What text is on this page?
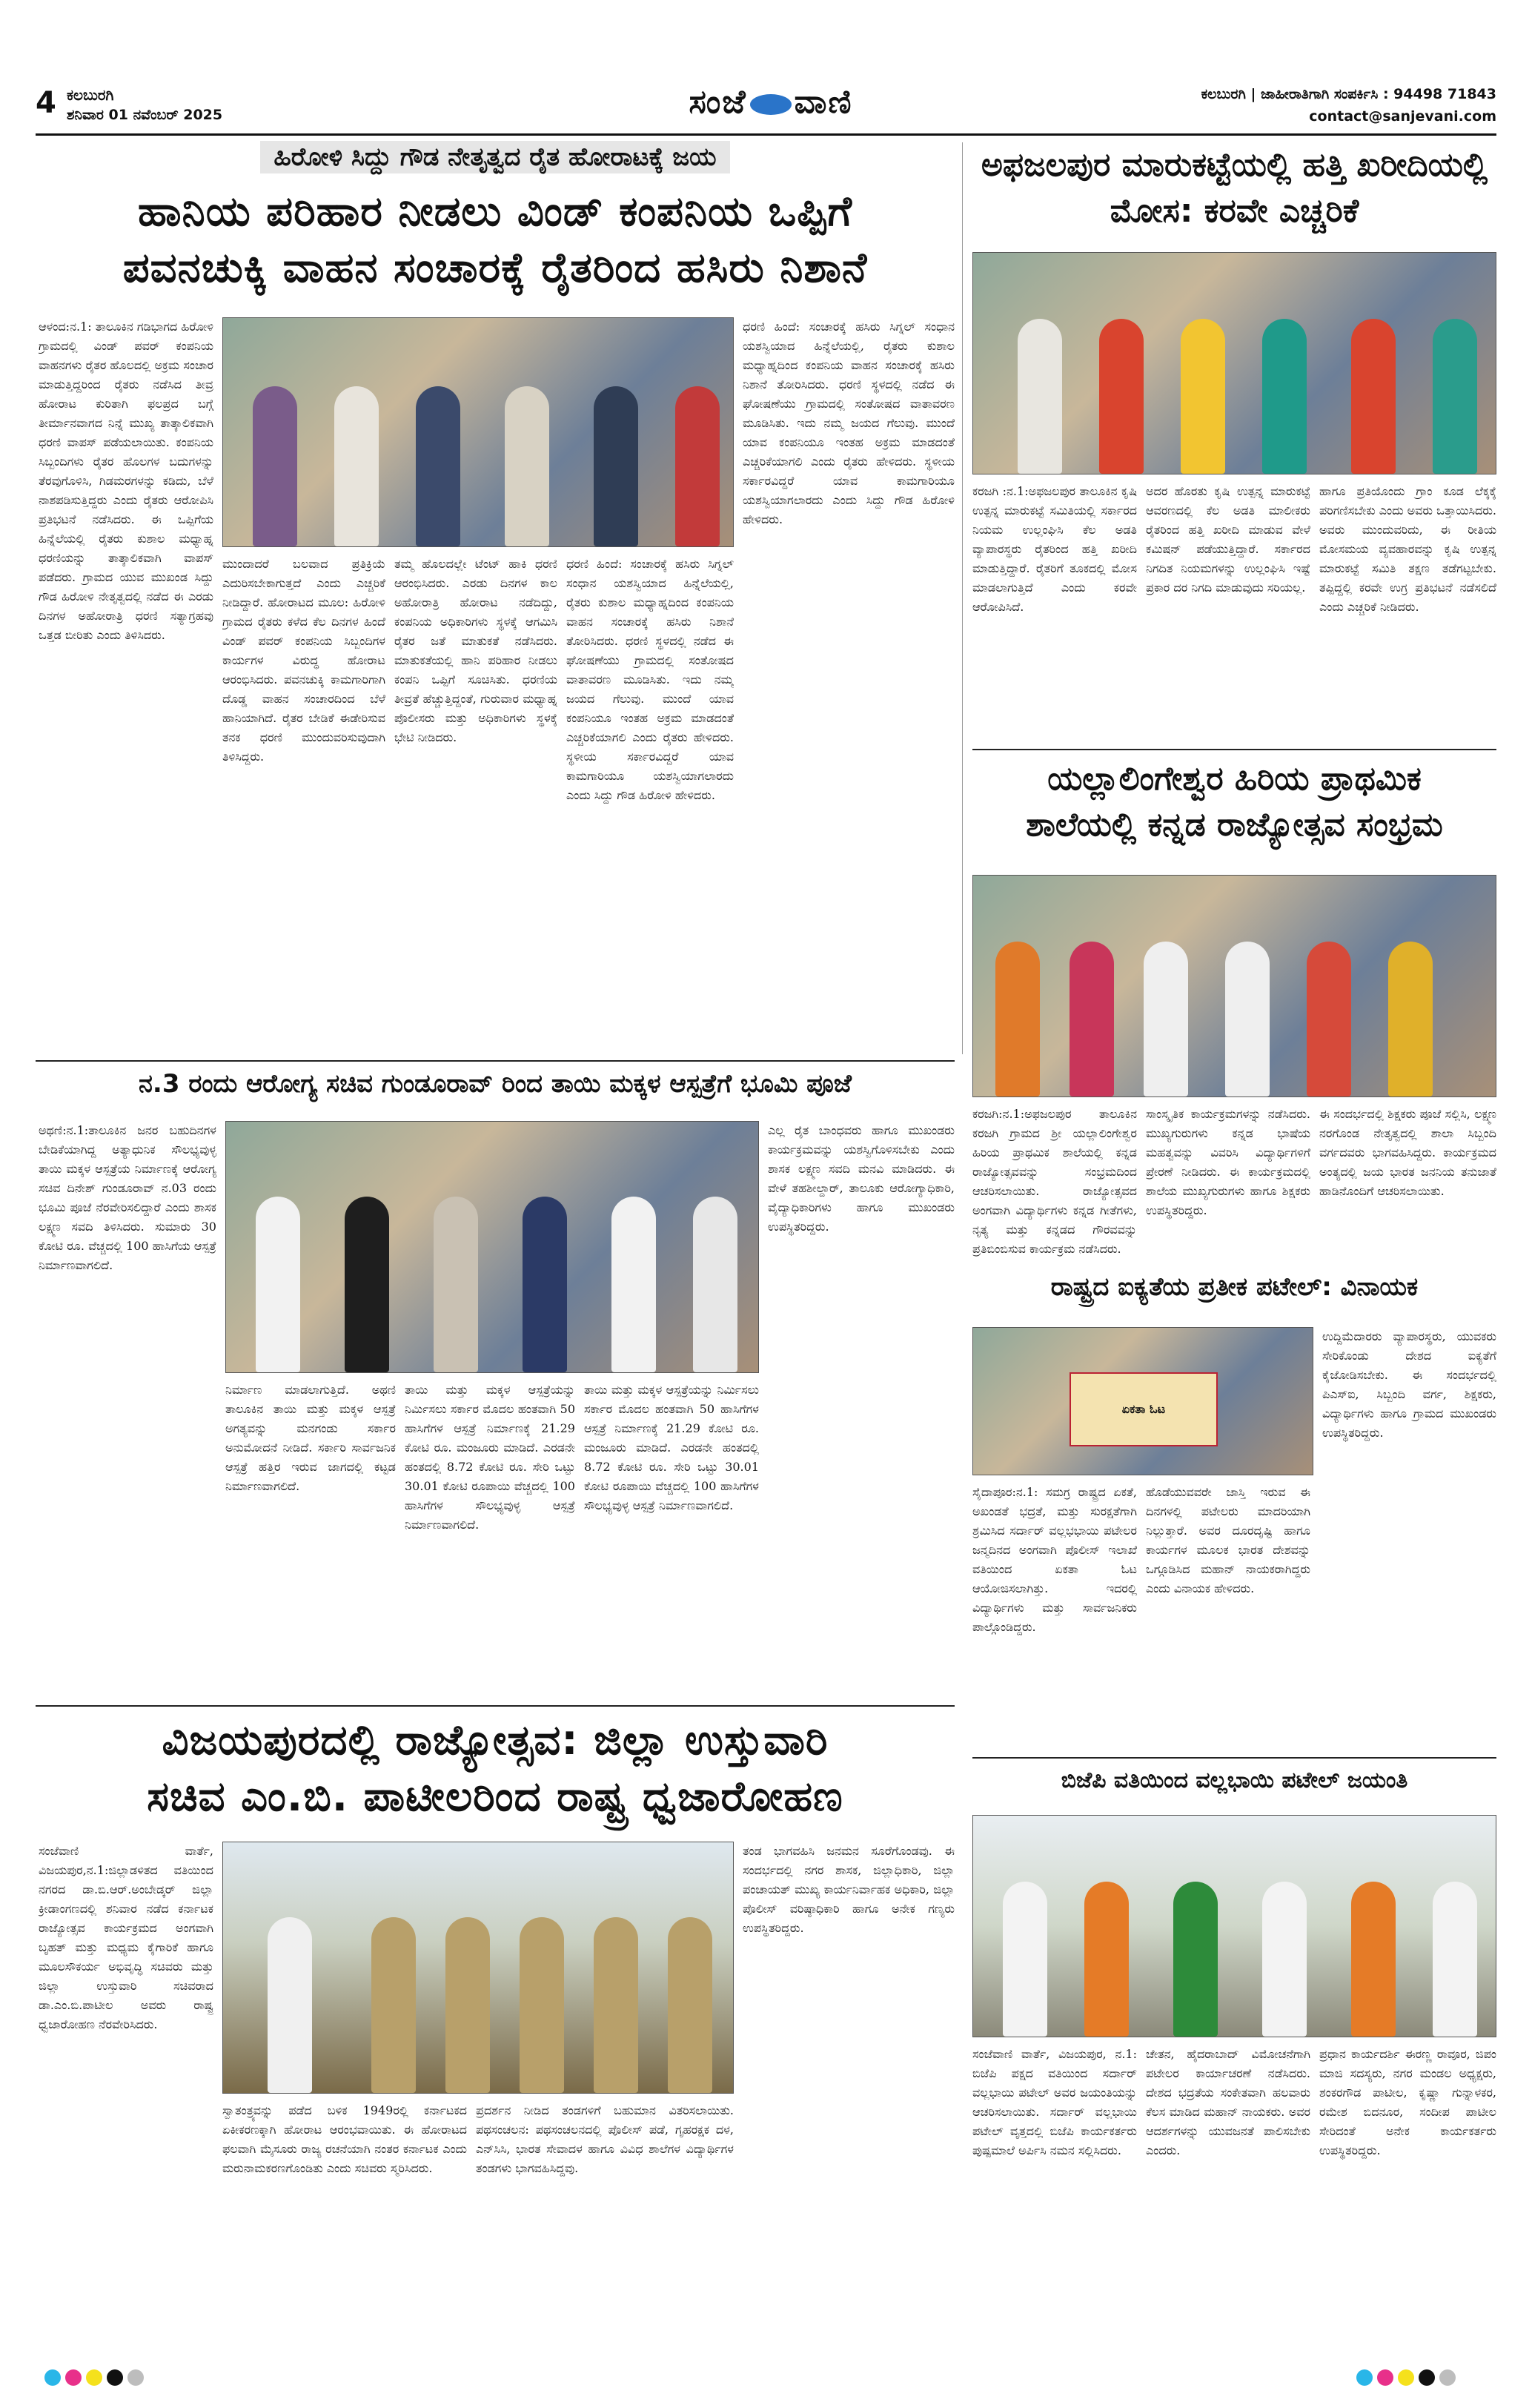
4 ಕಲಬುರಗಿ
ಶನಿವಾರ 01 ನವೆಂಬರ್ 2025	ಸಂಜೆ ವಾಣಿ	ಕಲಬುರಗಿ | ಜಾಹೀರಾತಿಗಾಗಿ ಸಂಪರ್ಕಿಸಿ : 94498 71843
contact@sanjevani.com
ಹಿರೋಳಿ ಸಿದ್ದು ಗೌಡ ನೇತೃತ್ವದ ರೈತ ಹೋರಾಟಕ್ಕೆ ಜಯ
ಹಾನಿಯ ಪರಿಹಾರ ನೀಡಲು ವಿಂಡ್ ಕಂಪನಿಯ ಒಪ್ಪಿಗೆ
ಪವನಚುಕ್ಕಿ ವಾಹನ ಸಂಚಾರಕ್ಕೆ ರೈತರಿಂದ ಹಸಿರು ನಿಶಾನೆ

ಆಳಂದ:ನ.1: ತಾಲೂಕಿನ ಗಡಿಭಾಗದ ಹಿರೋಳಿ ಗ್ರಾಮದಲ್ಲಿ ವಿಂಡ್ ಪವರ್ ಕಂಪನಿಯ ವಾಹನಗಳು ರೈತರ ಹೊಲದಲ್ಲಿ ಅಕ್ರಮ ಸಂಚಾರ ಮಾಡುತ್ತಿದ್ದರಿಂದ ರೈತರು ನಡೆಸಿದ ತೀವ್ರ ಹೋರಾಟ ಕುರಿತಾಗಿ ಫಲಪ್ರದ ಬಗ್ಗೆ ತೀರ್ಮಾನವಾಗದ ನಿನ್ನೆ ಮುಖ್ಯ ತಾತ್ಕಾಲಿಕವಾಗಿ ಧರಣಿ ವಾಪಸ್ ಪಡೆಯಲಾಯಿತು. ಕಂಪನಿಯ ಸಿಬ್ಬಂದಿಗಳು ರೈತರ ಹೊಲಗಳ ಬದುಗಳನ್ನು ತೆರವುಗೊಳಿಸಿ, ಗಿಡಮರಗಳನ್ನು ಕಡಿದು, ಬೆಳೆ ನಾಶಪಡಿಸುತ್ತಿದ್ದರು ಎಂದು ರೈತರು ಆರೋಪಿಸಿ ಪ್ರತಿಭಟನೆ ನಡೆಸಿದರು. ಈ ಒಪ್ಪಿಗೆಯ ಹಿನ್ನೆಲೆಯಲ್ಲಿ ರೈತರು ಕುಶಾಲ ಮಧ್ಯಾಹ್ನ ಧರಣಿಯನ್ನು ತಾತ್ಕಾಲಿಕವಾಗಿ ವಾಪಸ್ ಪಡೆದರು. ಗ್ರಾಮದ ಯುವ ಮುಖಂಡ ಸಿದ್ದು ಗೌಡ ಹಿರೋಳಿ ನೇತೃತ್ವದಲ್ಲಿ ನಡೆದ ಈ ಎರಡು ದಿನಗಳ ಅಹೋರಾತ್ರಿ ಧರಣಿ ಸತ್ಯಾಗ್ರಹವು ಒತ್ತಡ ಬೀರಿತು ಎಂದು ತಿಳಿಸಿದರು.

ಮುಂದಾದರೆ ಬಲವಾದ ಪ್ರತಿಕ್ರಿಯೆ ಎದುರಿಸಬೇಕಾಗುತ್ತದೆ ಎಂದು ಎಚ್ಚರಿಕೆ ನೀಡಿದ್ದಾರೆ. ಹೋರಾಟದ ಮೂಲ: ಹಿರೋಳಿ ಗ್ರಾಮದ ರೈತರು ಕಳೆದ ಕೆಲ ದಿನಗಳ ಹಿಂದೆ ವಿಂಡ್ ಪವರ್ ಕಂಪನಿಯ ಸಿಬ್ಬಂದಿಗಳ ಕಾರ್ಯಗಳ ವಿರುದ್ಧ ಹೋರಾಟ ಆರಂಭಿಸಿದರು. ಪವನಚುಕ್ಕಿ ಕಾಮಗಾರಿಗಾಗಿ ದೊಡ್ಡ ವಾಹನ ಸಂಚಾರದಿಂದ ಬೆಳೆ ಹಾನಿಯಾಗಿದೆ. ರೈತರ ಬೇಡಿಕೆ ಈಡೇರಿಸುವ ತನಕ ಧರಣಿ ಮುಂದುವರಿಸುವುದಾಗಿ ತಿಳಿಸಿದ್ದರು.

ತಮ್ಮ ಹೊಲದಲ್ಲೇ ಟೆಂಟ್ ಹಾಕಿ ಧರಣಿ ಆರಂಭಿಸಿದರು. ಎರಡು ದಿನಗಳ ಕಾಲ ಅಹೋರಾತ್ರಿ ಹೋರಾಟ ನಡೆದಿದ್ದು, ಕಂಪನಿಯ ಅಧಿಕಾರಿಗಳು ಸ್ಥಳಕ್ಕೆ ಆಗಮಿಸಿ ರೈತರ ಜತೆ ಮಾತುಕತೆ ನಡೆಸಿದರು. ಮಾತುಕತೆಯಲ್ಲಿ ಹಾನಿ ಪರಿಹಾರ ನೀಡಲು ಕಂಪನಿ ಒಪ್ಪಿಗೆ ಸೂಚಿಸಿತು. ಧರಣಿಯ ತೀವ್ರತೆ ಹೆಚ್ಚುತ್ತಿದ್ದಂತೆ, ಗುರುವಾರ ಮಧ್ಯಾಹ್ನ ಪೊಲೀಸರು ಮತ್ತು ಅಧಿಕಾರಿಗಳು ಸ್ಥಳಕ್ಕೆ ಭೇಟಿ ನೀಡಿದರು.

ಧರಣಿ ಹಿಂದೆ: ಸಂಚಾರಕ್ಕೆ ಹಸಿರು ಸಿಗ್ನಲ್ ಸಂಧಾನ ಯಶಸ್ವಿಯಾದ ಹಿನ್ನೆಲೆಯಲ್ಲಿ, ರೈತರು ಕುಶಾಲ ಮಧ್ಯಾಹ್ನದಿಂದ ಕಂಪನಿಯ ವಾಹನ ಸಂಚಾರಕ್ಕೆ ಹಸಿರು ನಿಶಾನೆ ತೋರಿಸಿದರು. ಧರಣಿ ಸ್ಥಳದಲ್ಲಿ ನಡೆದ ಈ ಘೋಷಣೆಯು ಗ್ರಾಮದಲ್ಲಿ ಸಂತೋಷದ ವಾತಾವರಣ ಮೂಡಿಸಿತು. ಇದು ನಮ್ಮ ಜಯದ ಗೆಲುವು. ಮುಂದೆ ಯಾವ ಕಂಪನಿಯೂ ಇಂತಹ ಅಕ್ರಮ ಮಾಡದಂತೆ ಎಚ್ಚರಿಕೆಯಾಗಲಿ ಎಂದು ರೈತರು ಹೇಳಿದರು. ಸ್ಥಳೀಯ ಸರ್ಕಾರವಿದ್ದರೆ ಯಾವ ಕಾಮಗಾರಿಯೂ ಯಶಸ್ವಿಯಾಗಲಾರದು ಎಂದು ಸಿದ್ದು ಗೌಡ ಹಿರೋಳಿ ಹೇಳಿದರು.

ಧರಣಿ ಹಿಂದೆ: ಸಂಚಾರಕ್ಕೆ ಹಸಿರು ಸಿಗ್ನಲ್ ಸಂಧಾನ ಯಶಸ್ವಿಯಾದ ಹಿನ್ನೆಲೆಯಲ್ಲಿ, ರೈತರು ಕುಶಾಲ ಮಧ್ಯಾಹ್ನದಿಂದ ಕಂಪನಿಯ ವಾಹನ ಸಂಚಾರಕ್ಕೆ ಹಸಿರು ನಿಶಾನೆ ತೋರಿಸಿದರು. ಧರಣಿ ಸ್ಥಳದಲ್ಲಿ ನಡೆದ ಈ ಘೋಷಣೆಯು ಗ್ರಾಮದಲ್ಲಿ ಸಂತೋಷದ ವಾತಾವರಣ ಮೂಡಿಸಿತು. ಇದು ನಮ್ಮ ಜಯದ ಗೆಲುವು. ಮುಂದೆ ಯಾವ ಕಂಪನಿಯೂ ಇಂತಹ ಅಕ್ರಮ ಮಾಡದಂತೆ ಎಚ್ಚರಿಕೆಯಾಗಲಿ ಎಂದು ರೈತರು ಹೇಳಿದರು. ಸ್ಥಳೀಯ ಸರ್ಕಾರವಿದ್ದರೆ ಯಾವ ಕಾಮಗಾರಿಯೂ ಯಶಸ್ವಿಯಾಗಲಾರದು ಎಂದು ಸಿದ್ದು ಗೌಡ ಹಿರೋಳಿ ಹೇಳಿದರು.

ಅಫಜಲಪುರ ಮಾರುಕಟ್ಟೆಯಲ್ಲಿ ಹತ್ತಿ ಖರೀದಿಯಲ್ಲಿ ಮೋಸ: ಕರವೇ ಎಚ್ಚರಿಕೆ

ಕರಜಗಿ :ನ.1:ಅಫಜಲಪುರ ತಾಲೂಕಿನ ಕೃಷಿ ಉತ್ಪನ್ನ ಮಾರುಕಟ್ಟೆ ಸಮಿತಿಯಲ್ಲಿ ಸರ್ಕಾರದ ನಿಯಮ ಉಲ್ಲಂಘಿಸಿ ಕೆಲ ಅಡತಿ ವ್ಯಾಪಾರಸ್ಥರು ರೈತರಿಂದ ಹತ್ತಿ ಖರೀದಿ ಮಾಡುತ್ತಿದ್ದಾರೆ. ರೈತರಿಗೆ ತೂಕದಲ್ಲಿ ಮೋಸ ಮಾಡಲಾಗುತ್ತಿದೆ ಎಂದು ಕರವೇ ಆರೋಪಿಸಿದೆ.

ಅದರ ಹೊರತು ಕೃಷಿ ಉತ್ಪನ್ನ ಮಾರುಕಟ್ಟೆ ಆವರಣದಲ್ಲಿ ಕೆಲ ಅಡತಿ ಮಾಲೀಕರು ರೈತರಿಂದ ಹತ್ತಿ ಖರೀದಿ ಮಾಡುವ ವೇಳೆ ಕಮಿಷನ್ ಪಡೆಯುತ್ತಿದ್ದಾರೆ. ಸರ್ಕಾರದ ನಿಗದಿತ ನಿಯಮಗಳನ್ನು ಉಲ್ಲಂಘಿಸಿ ಇಷ್ಟೆ ಪ್ರಕಾರ ದರ ನಿಗದಿ ಮಾಡುವುದು ಸರಿಯಲ್ಲ.

ಹಾಗೂ ಪ್ರತಿಯೊಂದು ಗ್ರಾಂ ಕೂಡ ಲೆಕ್ಕಕ್ಕೆ ಪರಿಗಣಿಸಬೇಕು ಎಂದು ಅವರು ಒತ್ತಾಯಿಸಿದರು. ಅವರು ಮುಂದುವರಿದು, ಈ ರೀತಿಯ ಮೋಸಮಯ ವ್ಯವಹಾರವನ್ನು ಕೃಷಿ ಉತ್ಪನ್ನ ಮಾರುಕಟ್ಟೆ ಸಮಿತಿ ತಕ್ಷಣ ತಡೆಗಟ್ಟಬೇಕು. ತಪ್ಪಿದ್ದಲ್ಲಿ ಕರವೇ ಉಗ್ರ ಪ್ರತಿಭಟನೆ ನಡೆಸಲಿದೆ ಎಂದು ಎಚ್ಚರಿಕೆ ನೀಡಿದರು.

ಯಲ್ಲಾಲಿಂಗೇಶ್ವರ ಹಿರಿಯ ಪ್ರಾಥಮಿಕ
ಶಾಲೆಯಲ್ಲಿ ಕನ್ನಡ ರಾಜ್ಯೋತ್ಸವ ಸಂಭ್ರಮ

ಕರಜಗಿ:ನ.1:ಅಫಜಲಪುರ ತಾಲೂಕಿನ ಕರಜಗಿ ಗ್ರಾಮದ ಶ್ರೀ ಯಲ್ಲಾಲಿಂಗೇಶ್ವರ ಹಿರಿಯ ಪ್ರಾಥಮಿಕ ಶಾಲೆಯಲ್ಲಿ ಕನ್ನಡ ರಾಜ್ಯೋತ್ಸವವನ್ನು ಸಂಭ್ರಮದಿಂದ ಆಚರಿಸಲಾಯಿತು. ರಾಜ್ಯೋತ್ಸವದ ಅಂಗವಾಗಿ ವಿದ್ಯಾರ್ಥಿಗಳು ಕನ್ನಡ ಗೀತೆಗಳು, ನೃತ್ಯ ಮತ್ತು ಕನ್ನಡದ ಗೌರವವನ್ನು ಪ್ರತಿಬಿಂಬಿಸುವ ಕಾರ್ಯಕ್ರಮ ನಡೆಸಿದರು.

ಸಾಂಸ್ಕೃತಿಕ ಕಾರ್ಯಕ್ರಮಗಳನ್ನು ನಡೆಸಿದರು. ಮುಖ್ಯಗುರುಗಳು ಕನ್ನಡ ಭಾಷೆಯ ಮಹತ್ವವನ್ನು ವಿವರಿಸಿ ವಿದ್ಯಾರ್ಥಿಗಳಿಗೆ ಪ್ರೇರಣೆ ನೀಡಿದರು. ಈ ಕಾರ್ಯಕ್ರಮದಲ್ಲಿ ಶಾಲೆಯ ಮುಖ್ಯಗುರುಗಳು ಹಾಗೂ ಶಿಕ್ಷಕರು ಉಪಸ್ಥಿತರಿದ್ದರು.

ಈ ಸಂದರ್ಭದಲ್ಲಿ ಶಿಕ್ಷಕರು ಪೂಜೆ ಸಲ್ಲಿಸಿ, ಲಕ್ಷ್ಮಣ ನರಗೊಂಡ ನೇತೃತ್ವದಲ್ಲಿ ಶಾಲಾ ಸಿಬ್ಬಂದಿ ವರ್ಗದವರು ಭಾಗವಹಿಸಿದ್ದರು. ಕಾರ್ಯಕ್ರಮದ ಅಂತ್ಯದಲ್ಲಿ ಜಯ ಭಾರತ ಜನನಿಯ ತನುಜಾತೆ ಹಾಡಿನೊಂದಿಗೆ ಆಚರಿಸಲಾಯಿತು.

ರಾಷ್ಟ್ರದ ಐಕ್ಯತೆಯ ಪ್ರತೀಕ ಪಟೇಲ್: ವಿನಾಯಕ
ಏಕತಾ ಓಟ

ಸೈದಾಪೂರ:ನ.1: ಸಮಗ್ರ ರಾಷ್ಟ್ರದ ಏಕತೆ, ಅಖಂಡತೆ ಭದ್ರತೆ, ಮತ್ತು ಸುರಕ್ಷತೆಗಾಗಿ ಶ್ರಮಿಸಿದ ಸರ್ದಾರ್ ವಲ್ಲಭಭಾಯಿ ಪಟೇಲರ ಜನ್ಮದಿನದ ಅಂಗವಾಗಿ ಪೊಲೀಸ್ ಇಲಾಖೆ ವತಿಯಿಂದ ಏಕತಾ ಓಟ ಆಯೋಜಿಸಲಾಗಿತ್ತು. ಇದರಲ್ಲಿ ವಿದ್ಯಾರ್ಥಿಗಳು ಮತ್ತು ಸಾರ್ವಜನಿಕರು ಪಾಲ್ಗೊಂಡಿದ್ದರು.

ಹೊಡೆಯುವವರೇ ಜಾಸ್ತಿ ಇರುವ ಈ ದಿನಗಳಲ್ಲಿ ಪಟೇಲರು ಮಾದರಿಯಾಗಿ ನಿಲ್ಲುತ್ತಾರೆ. ಅವರ ದೂರದೃಷ್ಟಿ ಹಾಗೂ ಕಾರ್ಯಗಳ ಮೂಲಕ ಭಾರತ ದೇಶವನ್ನು ಒಗ್ಗೂಡಿಸಿದ ಮಹಾನ್ ನಾಯಕರಾಗಿದ್ದರು ಎಂದು ವಿನಾಯಕ ಹೇಳಿದರು.

ಉದ್ದಿಮೆದಾರರು ವ್ಯಾಪಾರಸ್ಥರು, ಯುವಕರು ಸೇರಿಕೊಂಡು ದೇಶದ ಐಕ್ಯತೆಗೆ ಕೈಜೋಡಿಸಬೇಕು. ಈ ಸಂದರ್ಭದಲ್ಲಿ ಪಿಎಸ್‌ಐ, ಸಿಬ್ಬಂದಿ ವರ್ಗ, ಶಿಕ್ಷಕರು, ವಿದ್ಯಾರ್ಥಿಗಳು ಹಾಗೂ ಗ್ರಾಮದ ಮುಖಂಡರು ಉಪಸ್ಥಿತರಿದ್ದರು.

ನ.3 ರಂದು ಆರೋಗ್ಯ ಸಚಿವ ಗುಂಡೂರಾವ್ ರಿಂದ ತಾಯಿ ಮಕ್ಕಳ ಆಸ್ಪತ್ರೆಗೆ ಭೂಮಿ ಪೂಜೆ

ಅಥಣಿ:ನ.1:ತಾಲೂಕಿನ ಜನರ ಬಹುದಿನಗಳ ಬೇಡಿಕೆಯಾಗಿದ್ದ ಅತ್ಯಾಧುನಿಕ ಸೌಲಭ್ಯವುಳ್ಳ ತಾಯಿ ಮಕ್ಕಳ ಆಸ್ಪತ್ರೆಯ ನಿರ್ಮಾಣಕ್ಕೆ ಆರೋಗ್ಯ ಸಚಿವ ದಿನೇಶ್ ಗುಂಡೂರಾವ್ ನ.03 ರಂದು ಭೂಮಿ ಪೂಜೆ ನೆರವೇರಿಸಲಿದ್ದಾರೆ ಎಂದು ಶಾಸಕ ಲಕ್ಷ್ಮಣ ಸವದಿ ತಿಳಿಸಿದರು. ಸುಮಾರು 30 ಕೋಟಿ ರೂ. ವೆಚ್ಚದಲ್ಲಿ 100 ಹಾಸಿಗೆಯ ಆಸ್ಪತ್ರೆ ನಿರ್ಮಾಣವಾಗಲಿದೆ.

ನಿರ್ಮಾಣ ಮಾಡಲಾಗುತ್ತಿದೆ. ಅಥಣಿ ತಾಲೂಕಿನ ತಾಯಿ ಮತ್ತು ಮಕ್ಕಳ ಆಸ್ಪತ್ರೆ ಅಗತ್ಯವನ್ನು ಮನಗಂಡು ಸರ್ಕಾರ ಅನುಮೋದನೆ ನೀಡಿದೆ. ಸರ್ಕಾರಿ ಸಾರ್ವಜನಿಕ ಆಸ್ಪತ್ರೆ ಹತ್ತಿರ ಇರುವ ಜಾಗದಲ್ಲಿ ಕಟ್ಟಡ ನಿರ್ಮಾಣವಾಗಲಿದೆ.

ತಾಯಿ ಮತ್ತು ಮಕ್ಕಳ ಆಸ್ಪತ್ರೆಯನ್ನು ನಿರ್ಮಿಸಲು ಸರ್ಕಾರ ಮೊದಲ ಹಂತವಾಗಿ 50 ಹಾಸಿಗೆಗಳ ಆಸ್ಪತ್ರೆ ನಿರ್ಮಾಣಕ್ಕೆ 21.29 ಕೋಟಿ ರೂ. ಮಂಜೂರು ಮಾಡಿದೆ. ಎರಡನೇ ಹಂತದಲ್ಲಿ 8.72 ಕೋಟಿ ರೂ. ಸೇರಿ ಒಟ್ಟು 30.01 ಕೋಟಿ ರೂಪಾಯಿ ವೆಚ್ಚದಲ್ಲಿ 100 ಹಾಸಿಗೆಗಳ ಸೌಲಭ್ಯವುಳ್ಳ ಆಸ್ಪತ್ರೆ ನಿರ್ಮಾಣವಾಗಲಿದೆ.

ತಾಯಿ ಮತ್ತು ಮಕ್ಕಳ ಆಸ್ಪತ್ರೆಯನ್ನು ನಿರ್ಮಿಸಲು ಸರ್ಕಾರ ಮೊದಲ ಹಂತವಾಗಿ 50 ಹಾಸಿಗೆಗಳ ಆಸ್ಪತ್ರೆ ನಿರ್ಮಾಣಕ್ಕೆ 21.29 ಕೋಟಿ ರೂ. ಮಂಜೂರು ಮಾಡಿದೆ. ಎರಡನೇ ಹಂತದಲ್ಲಿ 8.72 ಕೋಟಿ ರೂ. ಸೇರಿ ಒಟ್ಟು 30.01 ಕೋಟಿ ರೂಪಾಯಿ ವೆಚ್ಚದಲ್ಲಿ 100 ಹಾಸಿಗೆಗಳ ಸೌಲಭ್ಯವುಳ್ಳ ಆಸ್ಪತ್ರೆ ನಿರ್ಮಾಣವಾಗಲಿದೆ.

ಎಲ್ಲ ರೈತ ಬಾಂಧವರು ಹಾಗೂ ಮುಖಂಡರು ಕಾರ್ಯಕ್ರಮವನ್ನು ಯಶಸ್ವಿಗೊಳಿಸಬೇಕು ಎಂದು ಶಾಸಕ ಲಕ್ಷ್ಮಣ ಸವದಿ ಮನವಿ ಮಾಡಿದರು. ಈ ವೇಳೆ ತಹಶೀಲ್ದಾರ್, ತಾಲೂಕು ಆರೋಗ್ಯಾಧಿಕಾರಿ, ವೈದ್ಯಾಧಿಕಾರಿಗಳು ಹಾಗೂ ಮುಖಂಡರು ಉಪಸ್ಥಿತರಿದ್ದರು.

ವಿಜಯಪುರದಲ್ಲಿ ರಾಜ್ಯೋತ್ಸವ: ಜಿಲ್ಲಾ ಉಸ್ತುವಾರಿ
ಸಚಿವ ಎಂ.ಬಿ. ಪಾಟೀಲರಿಂದ ರಾಷ್ಟ್ರ ಧ್ವಜಾರೋಹಣ

ಸಂಜೆವಾಣಿ ವಾರ್ತೆ, ವಿಜಯಪುರ,ನ.1:ಜಿಲ್ಲಾಡಳಿತದ ವತಿಯಿಂದ ನಗರದ ಡಾ.ಬಿ.ಆರ್.ಅಂಬೇಡ್ಕರ್ ಜಿಲ್ಲಾ ಕ್ರೀಡಾಂಗಣದಲ್ಲಿ ಶನಿವಾರ ನಡೆದ ಕರ್ನಾಟಕ ರಾಜ್ಯೋತ್ಸವ ಕಾರ್ಯಕ್ರಮದ ಅಂಗವಾಗಿ ಬೃಹತ್ ಮತ್ತು ಮಧ್ಯಮ ಕೈಗಾರಿಕೆ ಹಾಗೂ ಮೂಲಸೌಕರ್ಯ ಅಭಿವೃದ್ಧಿ ಸಚಿವರು ಮತ್ತು ಜಿಲ್ಲಾ ಉಸ್ತುವಾರಿ ಸಚಿವರಾದ ಡಾ.ಎಂ.ಬಿ.ಪಾಟೀಲ ಅವರು ರಾಷ್ಟ್ರ ಧ್ವಜಾರೋಹಣ ನೆರವೇರಿಸಿದರು.

ಸ್ವಾತಂತ್ರ್ಯವನ್ನು ಪಡೆದ ಬಳಿಕ 1949ರಲ್ಲಿ ಕರ್ನಾಟಕದ ಏಕೀಕರಣಕ್ಕಾಗಿ ಹೋರಾಟ ಆರಂಭವಾಯಿತು. ಈ ಹೋರಾಟದ ಫಲವಾಗಿ ಮೈಸೂರು ರಾಜ್ಯ ರಚನೆಯಾಗಿ ನಂತರ ಕರ್ನಾಟಕ ಎಂದು ಮರುನಾಮಕರಣಗೊಂಡಿತು ಎಂದು ಸಚಿವರು ಸ್ಮರಿಸಿದರು.

ಪ್ರದರ್ಶನ ನೀಡಿದ ತಂಡಗಳಿಗೆ ಬಹುಮಾನ ವಿತರಿಸಲಾಯಿತು. ಪಥಸಂಚಲನ: ಪಥಸಂಚಲನದಲ್ಲಿ ಪೊಲೀಸ್ ಪಡೆ, ಗೃಹರಕ್ಷಕ ದಳ, ಎನ್‌ಸಿಸಿ, ಭಾರತ ಸೇವಾದಳ ಹಾಗೂ ವಿವಿಧ ಶಾಲೆಗಳ ವಿದ್ಯಾರ್ಥಿಗಳ ತಂಡಗಳು ಭಾಗವಹಿಸಿದ್ದವು.

ತಂಡ ಭಾಗವಹಿಸಿ ಜನಮನ ಸೂರೆಗೊಂಡವು. ಈ ಸಂದರ್ಭದಲ್ಲಿ ನಗರ ಶಾಸಕ, ಜಿಲ್ಲಾಧಿಕಾರಿ, ಜಿಲ್ಲಾ ಪಂಚಾಯತ್ ಮುಖ್ಯ ಕಾರ್ಯನಿರ್ವಾಹಕ ಅಧಿಕಾರಿ, ಜಿಲ್ಲಾ ಪೊಲೀಸ್ ವರಿಷ್ಠಾಧಿಕಾರಿ ಹಾಗೂ ಅನೇಕ ಗಣ್ಯರು ಉಪಸ್ಥಿತರಿದ್ದರು.

ಬಿಜೆಪಿ ವತಿಯಿಂದ ವಲ್ಲಭಾಯಿ ಪಟೇಲ್ ಜಯಂತಿ

ಸಂಜೆವಾಣಿ ವಾರ್ತೆ, ವಿಜಯಪುರ, ನ.1: ಬಿಜೆಪಿ ಪಕ್ಷದ ವತಿಯಿಂದ ಸರ್ದಾರ್ ವಲ್ಲಭಾಯಿ ಪಟೇಲ್ ಅವರ ಜಯಂತಿಯನ್ನು ಆಚರಿಸಲಾಯಿತು. ಸರ್ದಾರ್ ವಲ್ಲಭಾಯಿ ಪಟೇಲ್ ವೃತ್ತದಲ್ಲಿ ಬಿಜೆಪಿ ಕಾರ್ಯಕರ್ತರು ಪುಷ್ಪಮಾಲೆ ಅರ್ಪಿಸಿ ನಮನ ಸಲ್ಲಿಸಿದರು.

ಚೇತನ, ಹೈದರಾಬಾದ್ ವಿಮೋಚನೆಗಾಗಿ ಪಟೇಲರ ಕಾರ್ಯಾಚರಣೆ ನಡೆಸಿದರು. ದೇಶದ ಭದ್ರತೆಯ ಸಂಕೇತವಾಗಿ ಹಲವಾರು ಕೆಲಸ ಮಾಡಿದ ಮಹಾನ್ ನಾಯಕರು. ಅವರ ಆದರ್ಶಗಳನ್ನು ಯುವಜನತೆ ಪಾಲಿಸಬೇಕು ಎಂದರು.

ಪ್ರಧಾನ ಕಾರ್ಯದರ್ಶಿ ಈರಣ್ಣ ರಾವೂರ, ಜಿಪಂ ಮಾಜಿ ಸದಸ್ಯರು, ನಗರ ಮಂಡಲ ಅಧ್ಯಕ್ಷರು, ಶಂಕರಗೌಡ ಪಾಟೀಲ, ಕೃಷ್ಣಾ ಗುನ್ನಾಳಕರ, ರಮೇಶ ಬಿದನೂರ, ಸಂದೀಪ ಪಾಟೀಲ ಸೇರಿದಂತೆ ಅನೇಕ ಕಾರ್ಯಕರ್ತರು ಉಪಸ್ಥಿತರಿದ್ದರು.
